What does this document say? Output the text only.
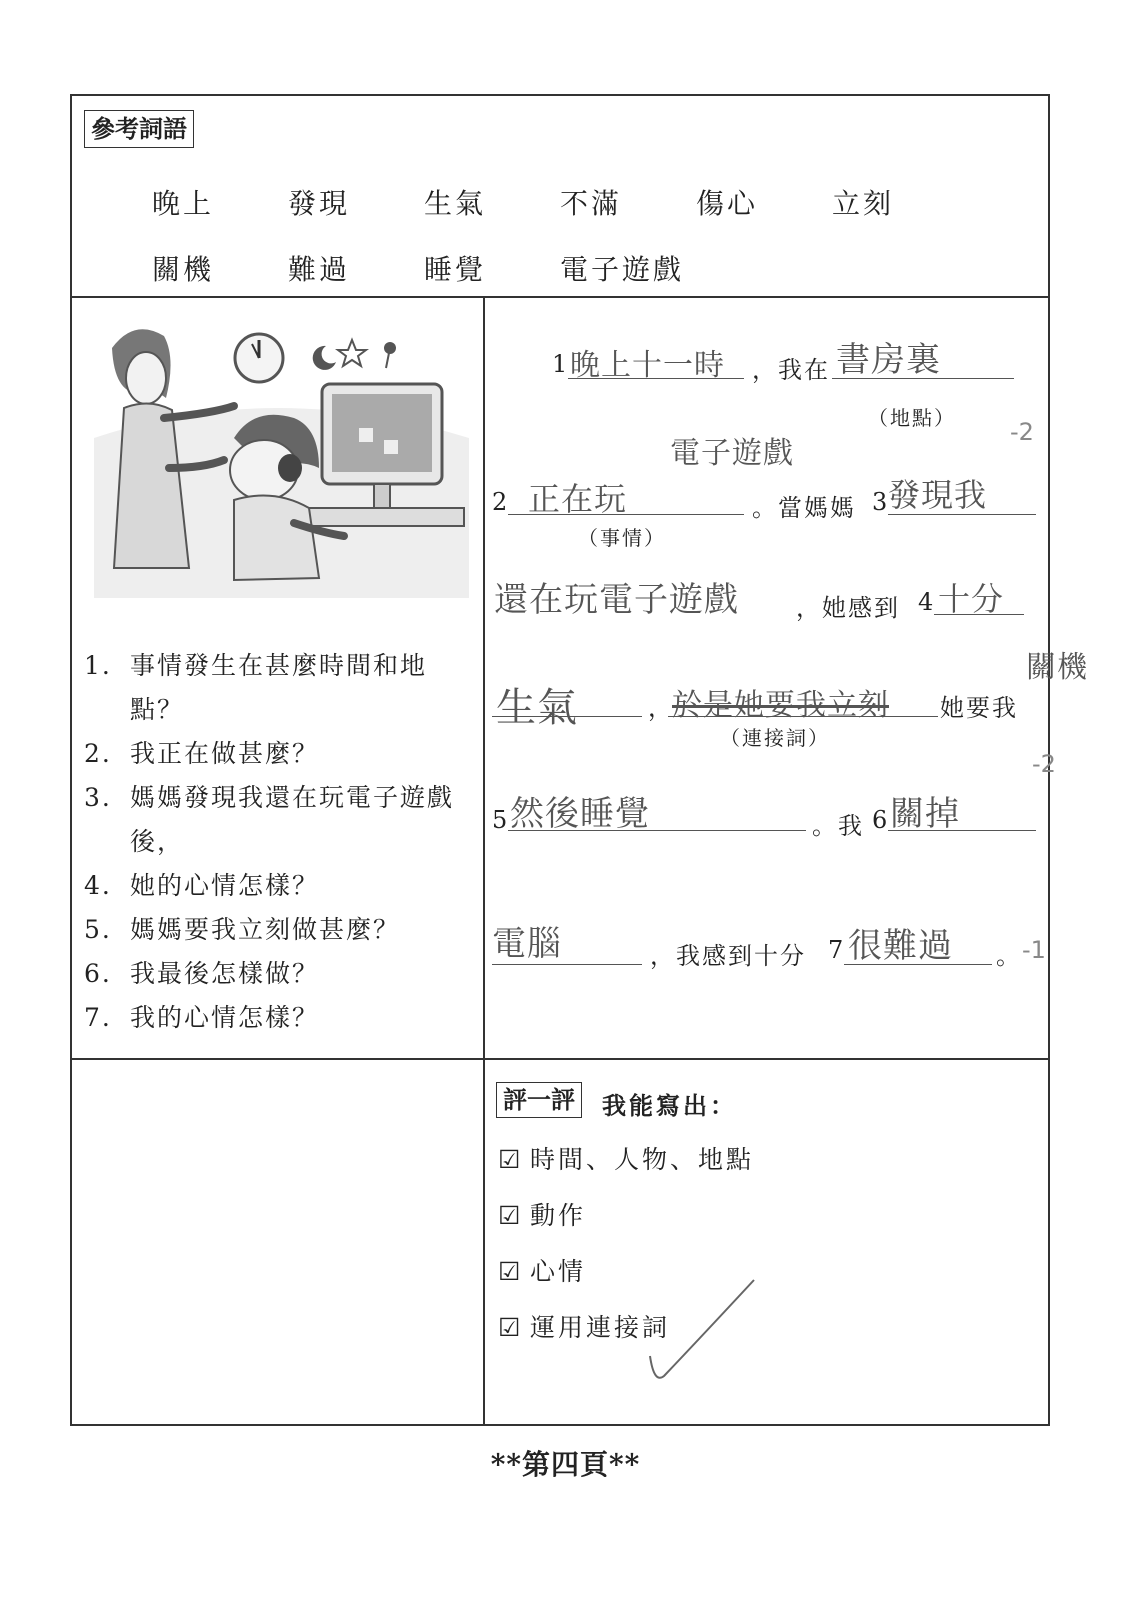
參考詞語
晚上	發現	生氣	不滿	傷心	立刻
關機	難過	睡覺	電子遊戲
1. 事情發生在甚麼時間和地點？
2. 我正在做甚麼？
3. 媽媽發現我還在玩電子遊戲後，
4. 她的心情怎樣？
5. 媽媽要我立刻做甚麼？
6. 我最後怎樣做？
7. 我的心情怎樣？
1 晚上十一時 ，我在 書房裏
（地點） -2
電子遊戲
2 正在玩
（事情）
。當媽媽 3
發現我
還在玩電子遊戲 ，她感到 4 十分
生氣	，
於是她要我立刻 她要我
（連接詞）
關機
-2
5 然後睡覺	。我 6 關掉
電腦	，我感到十分 7 很難過 。 -1
評一評 我能寫出：
☑ 時間、人物、地點
☑ 動作
☑ 心情
☑ 運用連接詞
**第四頁**
